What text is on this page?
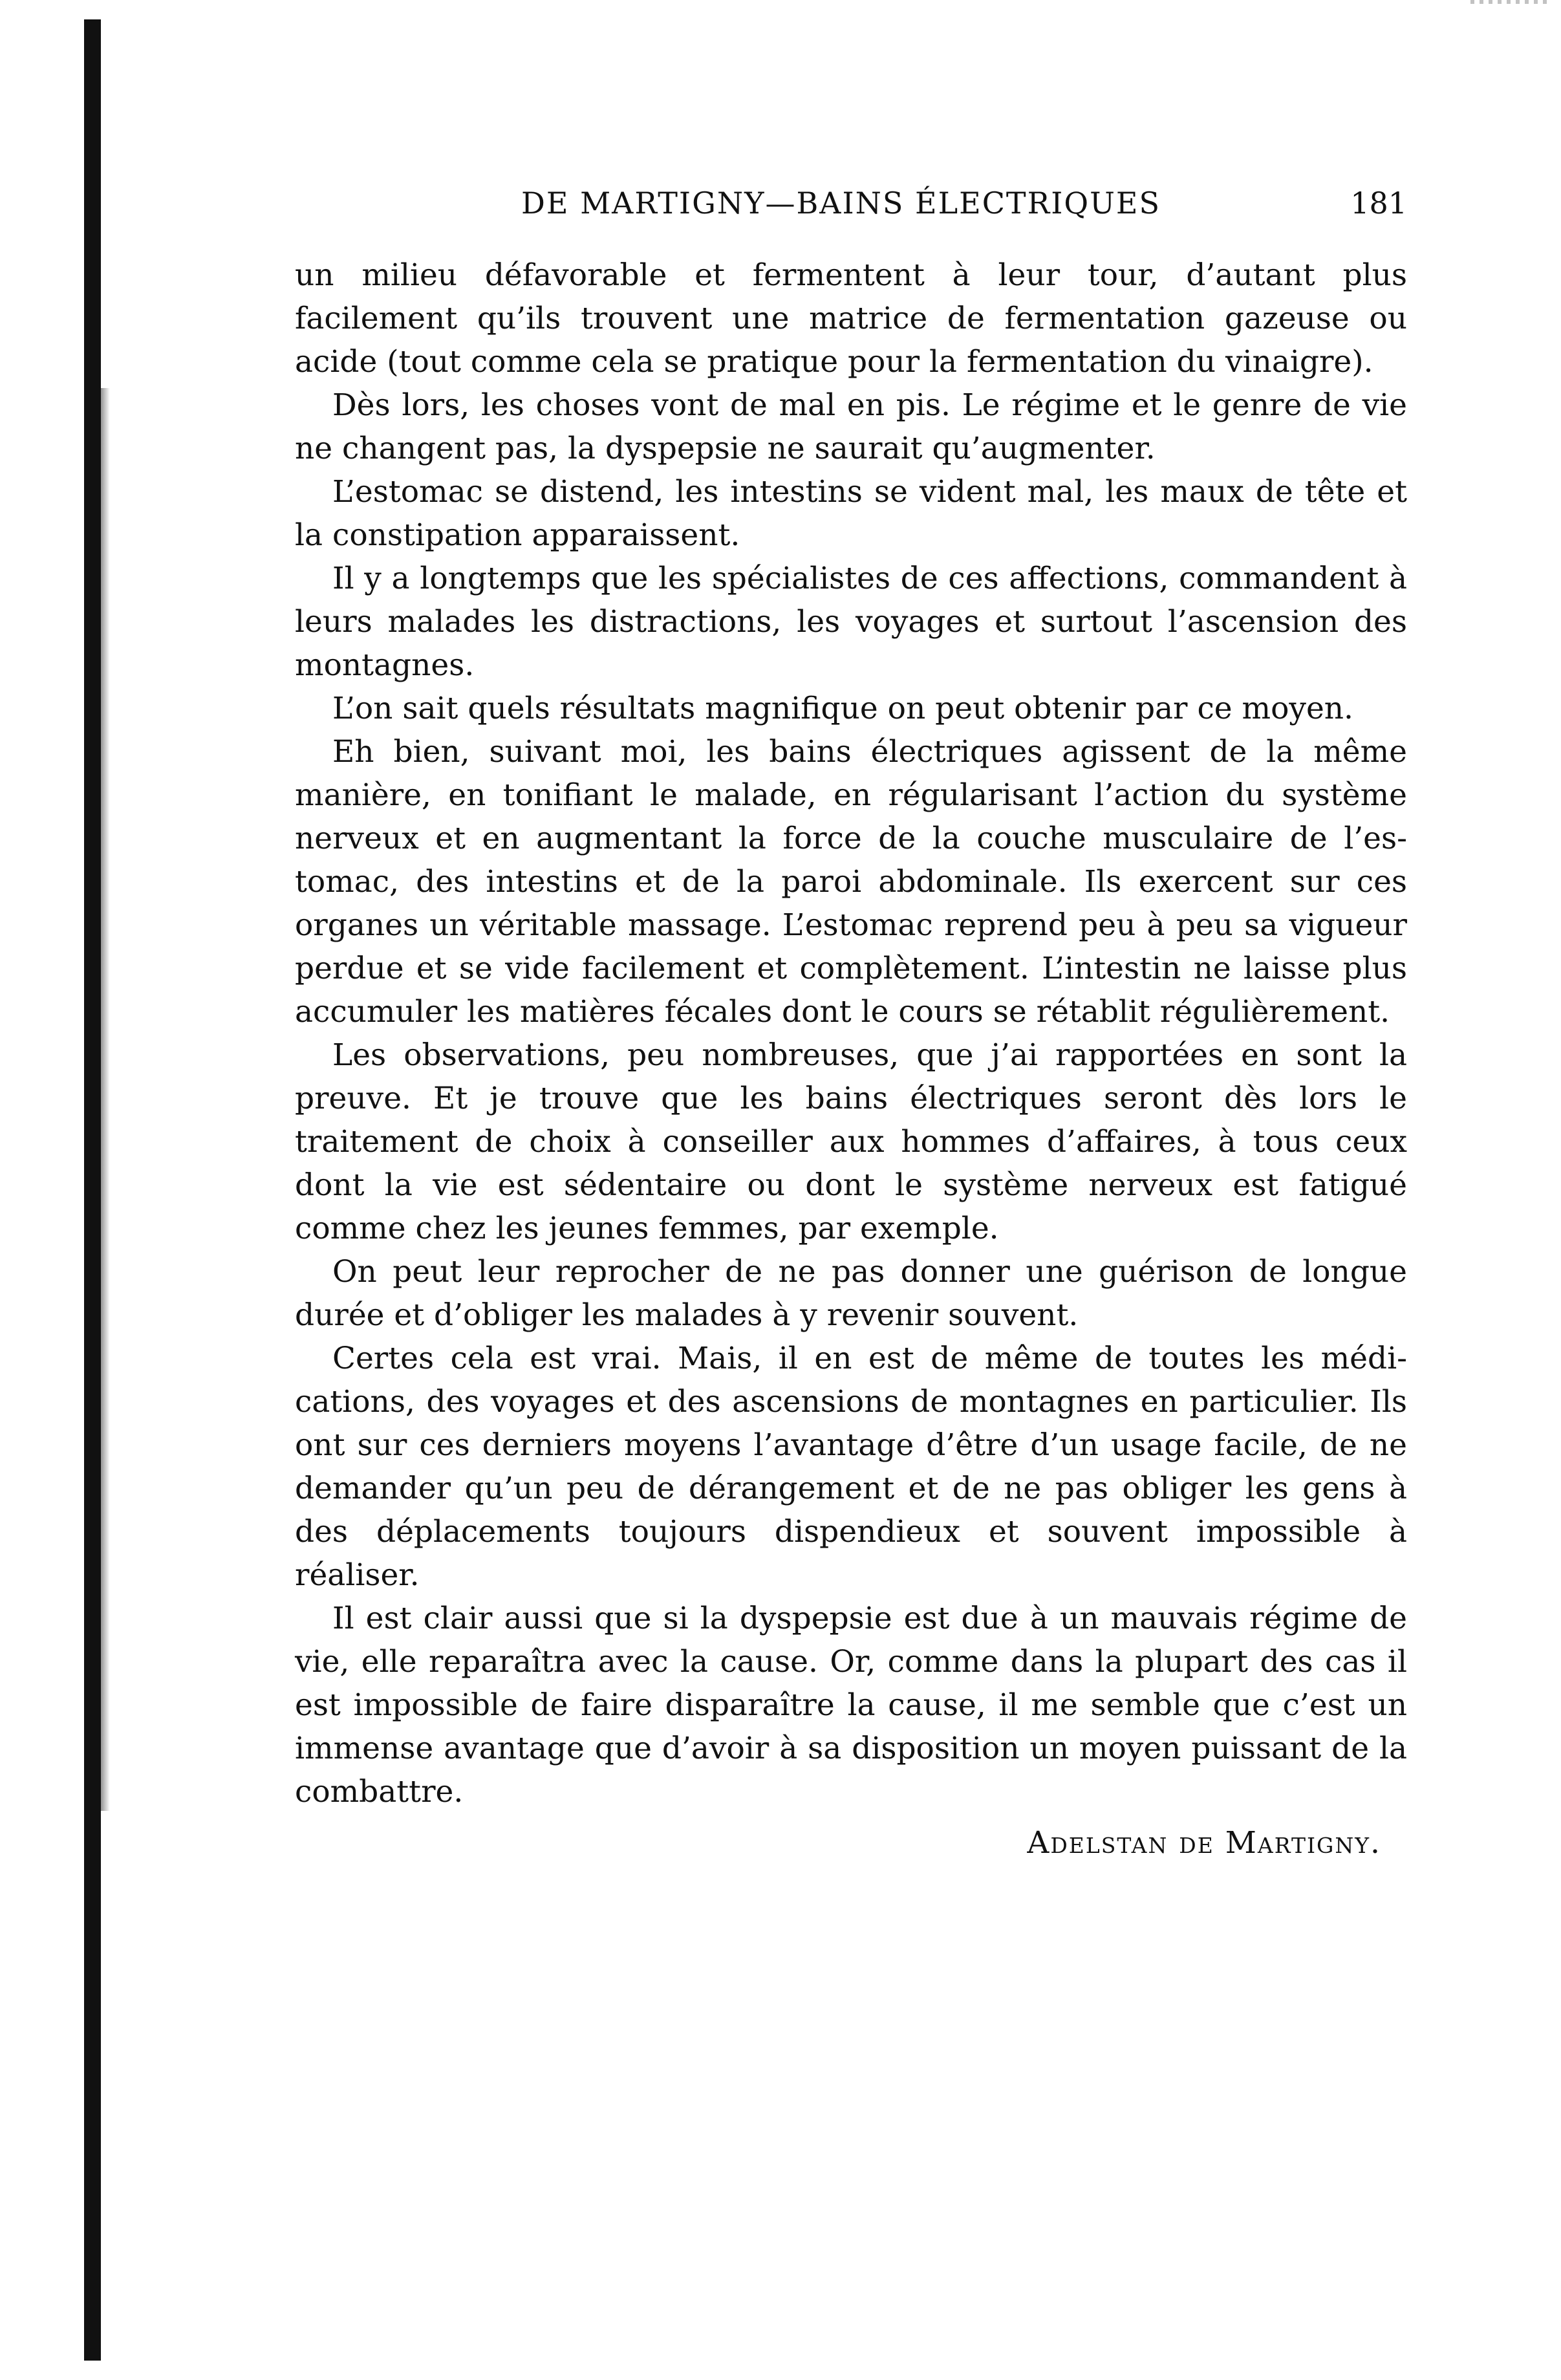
DE MARTIGNY—BAINS ÉLECTRIQUES	181

un milieu défavorable et fermentent à leur tour, d’autant plus facilement qu’ils trouvent une matrice de fermentation gazeuse ou acide (tout comme cela se pratique pour la fermentation du vinaigre).

Dès lors, les choses vont de mal en pis. Le régime et le genre de vie ne changent pas, la dyspepsie ne saurait qu’augmenter.

L’estomac se distend, les intestins se vident mal, les maux de tête et la constipation apparaissent.

Il y a longtemps que les spécialistes de ces affections, commandent à leurs malades les distractions, les voyages et surtout l’ascension des montagnes.

L’on sait quels résultats magnifique on peut obtenir par ce moyen.

Eh bien, suivant moi, les bains électriques agissent de la même manière, en tonifiant le malade, en régularisant l’action du système nerveux et en augmentant la force de la couche musculaire de l’estomac, des intestins et de la paroi abdominale. Ils exercent sur ces organes un véritable massage. L’estomac reprend peu à peu sa vigueur perdue et se vide facilement et complètement. L’intestin ne laisse plus accumuler les matières fécales dont le cours se rétablit régulièrement.

Les observations, peu nombreuses, que j’ai rapportées en sont la preuve. Et je trouve que les bains électriques seront dès lors le traitement de choix à conseiller aux hommes d’affaires, à tous ceux dont la vie est sédentaire ou dont le système nerveux est fatigué comme chez les jeunes femmes, par exemple.

On peut leur reprocher de ne pas donner une guérison de longue durée et d’obliger les malades à y revenir souvent.

Certes cela est vrai. Mais, il en est de même de toutes les médications, des voyages et des ascensions de montagnes en particulier. Ils ont sur ces derniers moyens l’avantage d’être d’un usage facile, de ne demander qu’un peu de dérangement et de ne pas obliger les gens à des déplacements toujours dispendieux et souvent impossible à réaliser.

Il est clair aussi que si la dyspepsie est due à un mauvais régime de vie, elle reparaîtra avec la cause. Or, comme dans la plupart des cas il est impossible de faire disparaître la cause, il me semble que c’est un immense avantage que d’avoir à sa disposition un moyen puissant de la combattre.

Adelstan de Martigny.
